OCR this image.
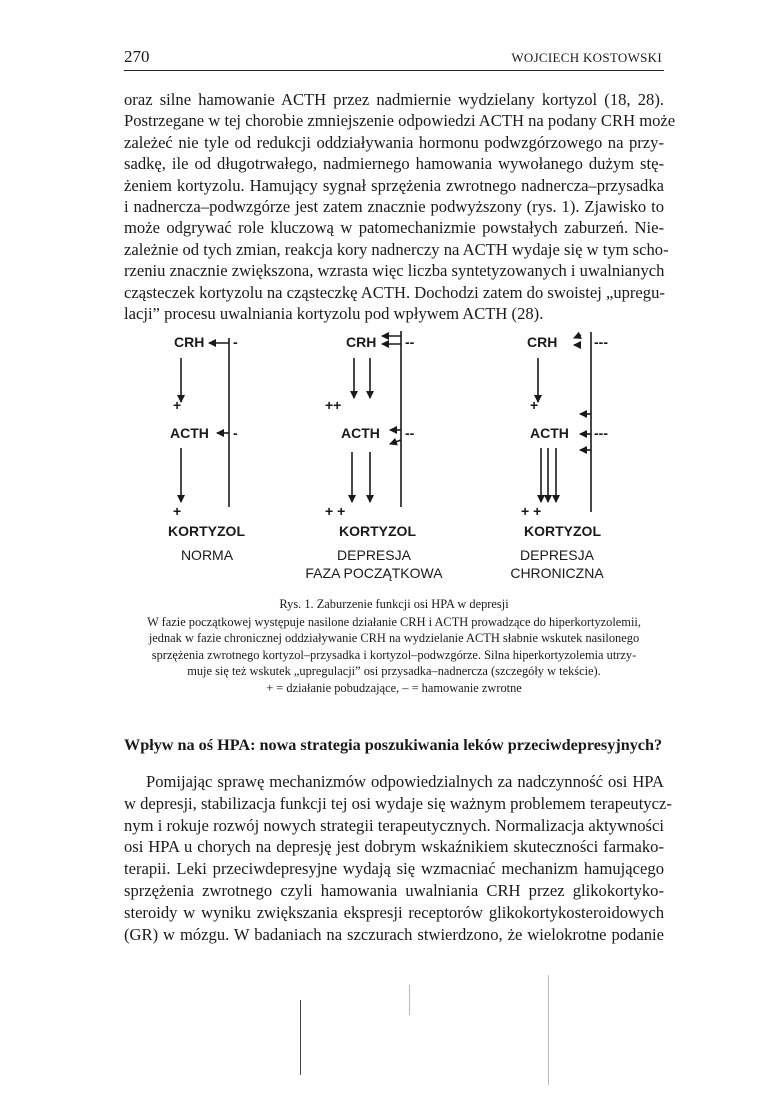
270	WOJCIECH KOSTOWSKI

oraz silne hamowanie ACTH przez nadmiernie wydzielany kortyzol (18, 28).
Postrzegane w tej chorobie zmniejszenie odpowiedzi ACTH na podany CRH może
zależeć nie tyle od redukcji oddziaływania hormonu podwzgórzowego na przy-
sadkę, ile od długotrwałego, nadmiernego hamowania wywołanego dużym stę-
żeniem kortyzolu. Hamujący sygnał sprzężenia zwrotnego nadnercza–przysadka
i nadnercza–podwzgórze jest zatem znacznie podwyższony (rys. 1). Zjawisko to
może odgrywać role kluczową w patomechanizmie powstałych zaburzeń. Nie-
zależnie od tych zmian, reakcja kory nadnerczy na ACTH wydaje się w tym scho-
rzeniu znacznie zwiększona, wzrasta więc liczba syntetyzowanych i uwalnianych
cząsteczek kortyzolu na cząsteczkę ACTH. Dochodzi zatem do swoistej „upregu-
lacji” procesu uwalniania kortyzolu pod wpływem ACTH (28).

CRH -
+
ACTH -
+
KORTYZOL
NORMA
CRH --
++
ACTH --
+ +
KORTYZOL
DEPRESJA
FAZA POCZĄTKOWA
CRH	---
+
ACTH ---
+ +
KORTYZOL
DEPRESJA
CHRONICZNA
Rys. 1. Zaburzenie funkcji osi HPA w depresji

W fazie początkowej występuje nasilone działanie CRH i ACTH prowadzące do hiperkortyzolemii,
jednak w fazie chronicznej oddziaływanie CRH na wydzielanie ACTH słabnie wskutek nasilonego
sprzężenia zwrotnego kortyzol–przysadka i kortyzol–podwzgórze. Silna hiperkortyzolemia utrzy-
muje się też wskutek „upregulacji” osi przysadka–nadnercza (szczegóły w tekście).
+ = działanie pobudzające, – = hamowanie zwrotne

Wpływ na oś HPA: nowa strategia poszukiwania leków przeciwdepresyjnych?

Pomijając sprawę mechanizmów odpowiedzialnych za nadczynność osi HPA
w depresji, stabilizacja funkcji tej osi wydaje się ważnym problemem terapeutycz-
nym i rokuje rozwój nowych strategii terapeutycznych. Normalizacja aktywności
osi HPA u chorych na depresję jest dobrym wskaźnikiem skuteczności farmako-
terapii. Leki przeciwdepresyjne wydają się wzmacniać mechanizm hamującego
sprzężenia zwrotnego czyli hamowania uwalniania CRH przez glikokortyko-
steroidy w wyniku zwiększania ekspresji receptorów glikokortykosteroidowych
(GR) w mózgu. W badaniach na szczurach stwierdzono, że wielokrotne podanie
